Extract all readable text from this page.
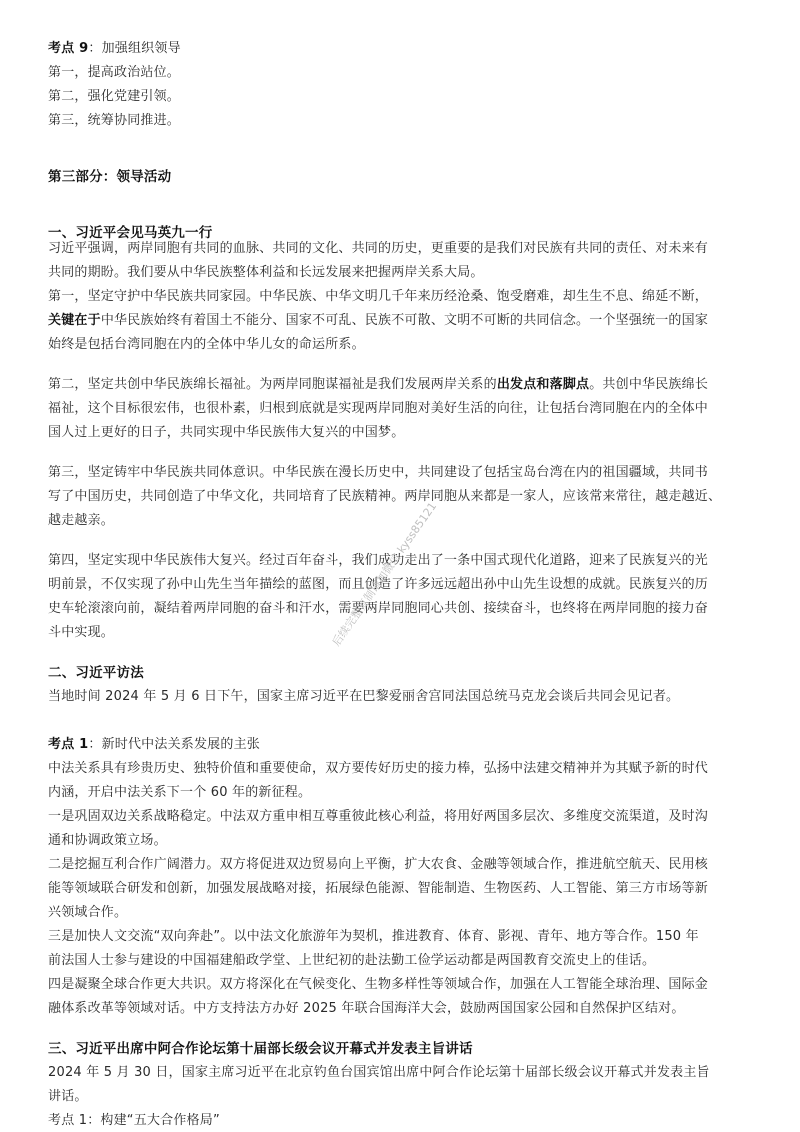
考点 9：加强组织领导
第一，提高政治站位。
第二，强化党建引领。
第三，统筹协同推进。
第三部分：领导活动
一、习近平会见马英九一行
习近平强调，两岸同胞有共同的血脉、共同的文化、共同的历史，更重要的是我们对民族有共同的责任、对未来有
共同的期盼。我们要从中华民族整体利益和长远发展来把握两岸关系大局。
第一，坚定守护中华民族共同家园。中华民族、中华文明几千年来历经沧桑、饱受磨难，却生生不息、绵延不断，
关键在于中华民族始终有着国土不能分、国家不可乱、民族不可散、文明不可断的共同信念。一个坚强统一的国家
始终是包括台湾同胞在内的全体中华儿女的命运所系。
第二，坚定共创中华民族绵长福祉。为两岸同胞谋福祉是我们发展两岸关系的出发点和落脚点。共创中华民族绵长
福祉，这个目标很宏伟，也很朴素，归根到底就是实现两岸同胞对美好生活的向往，让包括台湾同胞在内的全体中
国人过上更好的日子，共同实现中华民族伟大复兴的中国梦。
第三，坚定铸牢中华民族共同体意识。中华民族在漫长历史中，共同建设了包括宝岛台湾在内的祖国疆域，共同书
写了中国历史，共同创造了中华文化，共同培育了民族精神。两岸同胞从来都是一家人，应该常来常往，越走越近、
越走越亲。
第四，坚定实现中华民族伟大复兴。经过百年奋斗，我们成功走出了一条中国式现代化道路，迎来了民族复兴的光
明前景，不仅实现了孙中山先生当年描绘的蓝图，而且创造了许多远远超出孙中山先生设想的成就。民族复兴的历
史车轮滚滚向前，凝结着两岸同胞的奋斗和汗水，需要两岸同胞同心共创、接续奋斗，也终将在两岸同胞的接力奋
斗中实现。
二、习近平访法
当地时间 2024 年 5 月 6 日下午，国家主席习近平在巴黎爱丽舍宫同法国总统马克龙会谈后共同会见记者。
考点 1：新时代中法关系发展的主张
中法关系具有珍贵历史、独特价值和重要使命，双方要传好历史的接力棒，弘扬中法建交精神并为其赋予新的时代
内涵，开启中法关系下一个 60 年的新征程。
一是巩固双边关系战略稳定。中法双方重申相互尊重彼此核心利益，将用好两国多层次、多维度交流渠道，及时沟
通和协调政策立场。
二是挖掘互利合作广阔潜力。双方将促进双边贸易向上平衡，扩大农食、金融等领域合作，推进航空航天、民用核
能等领域联合研发和创新，加强发展战略对接，拓展绿色能源、智能制造、生物医药、人工智能、第三方市场等新
兴领域合作。
三是加快人文交流“双向奔赴”。以中法文化旅游年为契机，推进教育、体育、影视、青年、地方等合作。150 年
前法国人士参与建设的中国福建船政学堂、上世纪初的赴法勤工俭学运动都是两国教育交流史上的佳话。
四是凝聚全球合作更大共识。双方将深化在气候变化、生物多样性等领域合作，加强在人工智能全球治理、国际金
融体系改革等领域对话。中方支持法方办好 2025 年联合国海洋大会，鼓励两国国家公园和自然保护区结对。
三、习近平出席中阿合作论坛第十届部长级会议开幕式并发表主旨讲话
2024 年 5 月 30 日，国家主席习近平在北京钓鱼台国宾馆出席中阿合作论坛第十届部长级会议开幕式并发表主旨
讲话。
考点 1：构建“五大合作格局”
后续完整复制请加微信 kyss85121
